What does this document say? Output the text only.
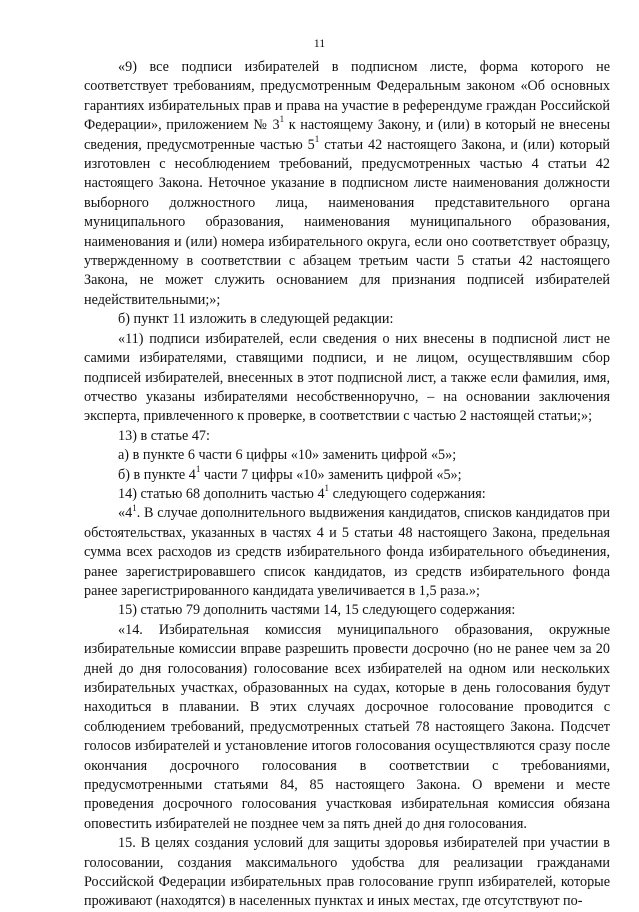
11

«9) все подписи избирателей в подписном листе, форма которого не соответствует требованиям, предусмотренным Федеральным законом «Об основных гарантиях избирательных прав и права на участие в референдуме граждан Российской Федерации», приложением № $3^1$ к настоящему Закону, и (или) в который не внесены сведения, предусмотренные частью $5^1$ статьи 42 настоящего Закона, и (или) который изготовлен с несоблюдением требований, предусмотренных частью 4 статьи 42 настоящего Закона. Неточное указание в подписном листе наименования должности выборного должностного лица, наименования представительного органа муниципального образования, наименования муниципального образования, наименования и (или) номера избирательного округа, если оно соответствует образцу, утвержденному в соответствии с абзацем третьим части 5 статьи 42 настоящего Закона, не может служить основанием для признания подписей избирателей недействительными;»;

б) пункт 11 изложить в следующей редакции:

«11) подписи избирателей, если сведения о них внесены в подписной лист не самими избирателями, ставящими подписи, и не лицом, осуществлявшим сбор подписей избирателей, внесенных в этот подписной лист, а также если фамилия, имя, отчество указаны избирателями несобственноручно, – на основании заключения эксперта, привлеченного к проверке, в соответствии с частью 2 настоящей статьи;»;

13) в статье 47:

а) в пункте 6 части 6 цифры «10» заменить цифрой «5»;

б) в пункте $4^1$ части 7 цифры «10» заменить цифрой «5»;

14) статью 68 дополнить частью $4^1$ следующего содержания:

«$4^1$. В случае дополнительного выдвижения кандидатов, списков кандидатов при обстоятельствах, указанных в частях 4 и 5 статьи 48 настоящего Закона, предельная сумма всех расходов из средств избирательного фонда избирательного объединения, ранее зарегистрировавшего список кандидатов, из средств избирательного фонда ранее зарегистрированного кандидата увеличивается в 1,5 раза.»;

15) статью 79 дополнить частями 14, 15 следующего содержания:

«14. Избирательная комиссия муниципального образования, окружные избирательные комиссии вправе разрешить провести досрочно (но не ранее чем за 20 дней до дня голосования) голосование всех избирателей на одном или нескольких избирательных участках, образованных на судах, которые в день голосования будут находиться в плавании. В этих случаях досрочное голосование проводится с соблюдением требований, предусмотренных статьей 78 настоящего Закона. Подсчет голосов избирателей и установление итогов голосования осуществляются сразу после окончания досрочного голосования в соответствии с требованиями, предусмотренными статьями 84, 85 настоящего Закона. О времени и месте проведения досрочного голосования участковая избирательная комиссия обязана оповестить избирателей не позднее чем за пять дней до дня голосования.

15. В целях создания условий для защиты здоровья избирателей при участии в голосовании, создания максимального удобства для реализации гражданами Российской Федерации избирательных прав голосование групп избирателей, которые проживают (находятся) в населенных пунктах и иных местах, где отсутствуют по-
